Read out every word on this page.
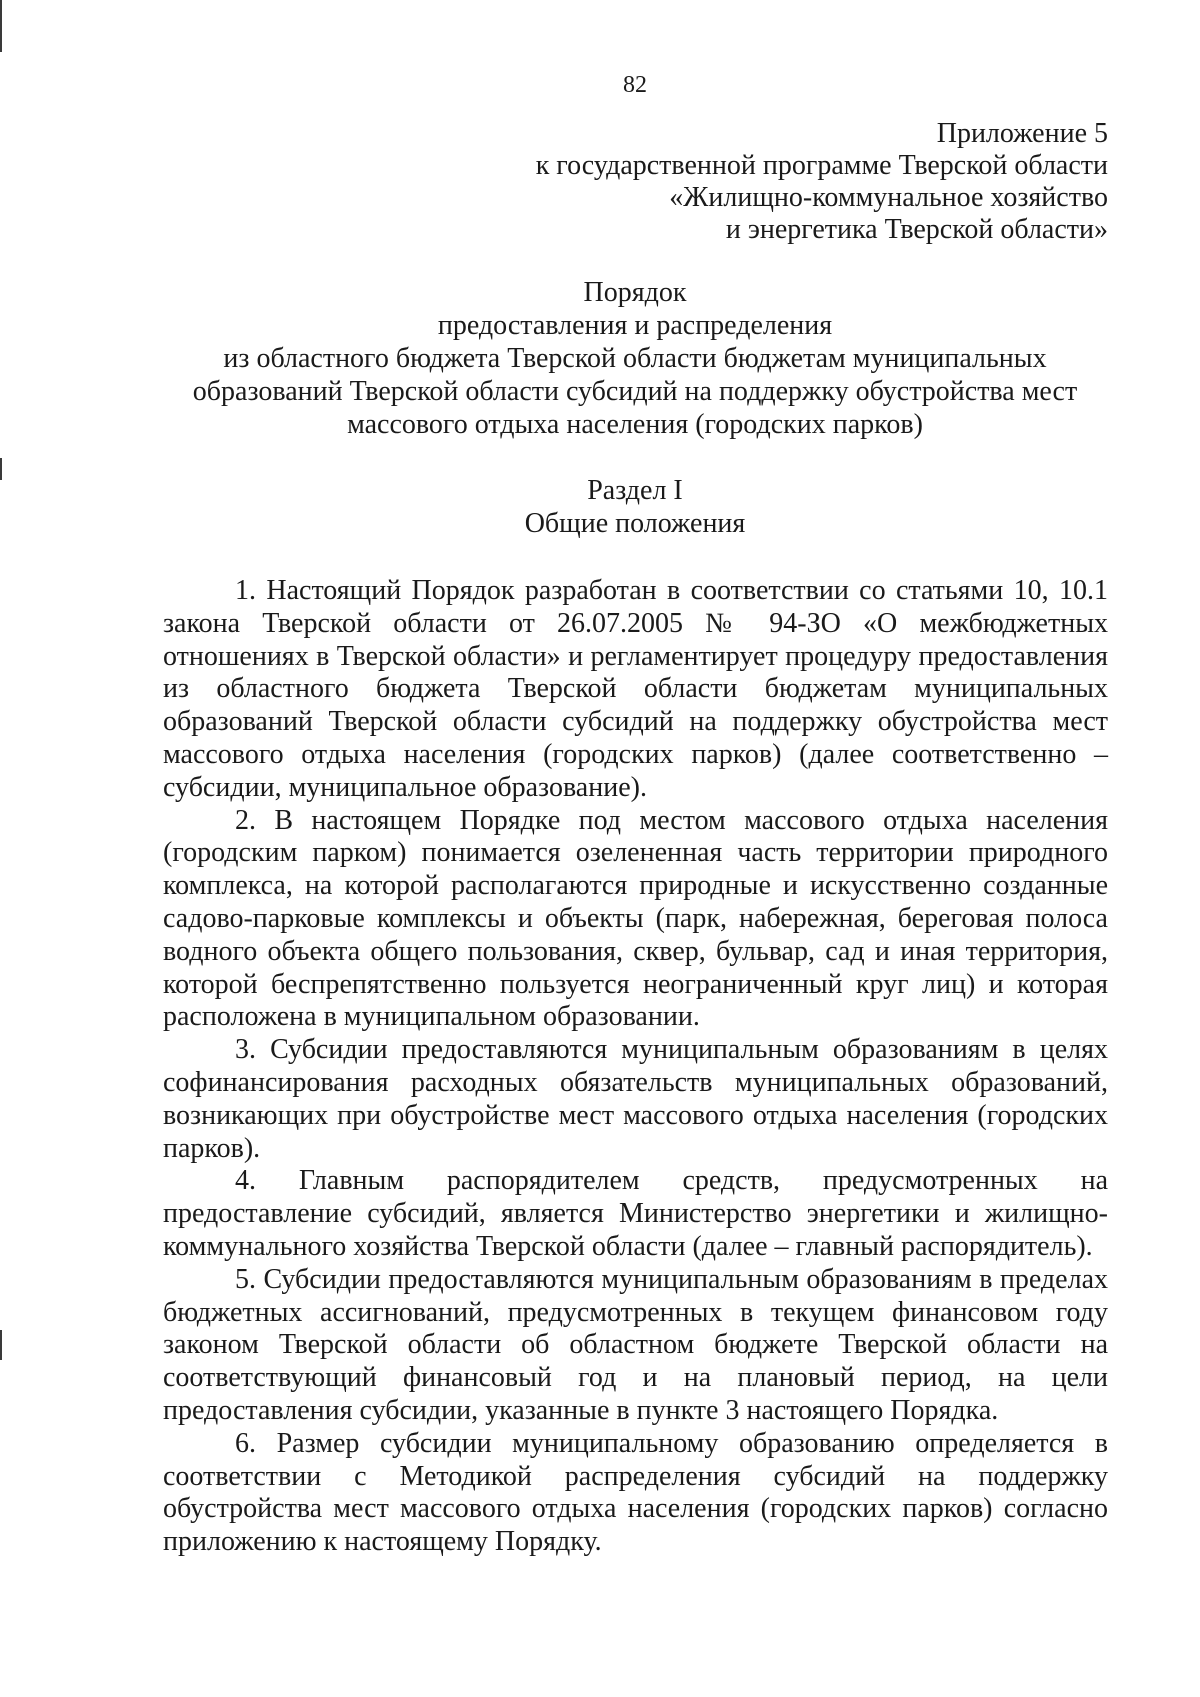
82
Приложение 5
к государственной программе Тверской области
«Жилищно-коммунальное хозяйство
и энергетика Тверской области»
Порядок
предоставления и распределения
из областного бюджета Тверской области бюджетам муниципальных
образований Тверской области субсидий на поддержку обустройства мест
массового отдыха населения (городских парков)
Раздел I
Общие положения

1. Настоящий Порядок разработан в соответствии со статьями 10, 10.1 закона Тверской области от 26.07.2005 № 94-ЗО «О межбюджетных отношениях в Тверской области» и регламентирует процедуру предоставления из областного бюджета Тверской области бюджетам муниципальных образований Тверской области субсидий на поддержку обустройства мест массового отдыха населения (городских парков) (далее соответственно – субсидии, муниципальное образование).

2. В настоящем Порядке под местом массового отдыха населения (городским парком) понимается озелененная часть территории природного комплекса, на которой располагаются природные и искусственно созданные садово-парковые комплексы и объекты (парк, набережная, береговая полоса водного объекта общего пользования, сквер, бульвар, сад и иная территория, которой беспрепятственно пользуется неограниченный круг лиц) и которая расположена в муниципальном образовании.

3. Субсидии предоставляются муниципальным образованиям в целях софинансирования расходных обязательств муниципальных образований, возникающих при обустройстве мест массового отдыха населения (городских парков).

4. Главным распорядителем средств, предусмотренных на предоставление субсидий, является Министерство энергетики и жилищно-коммунального хозяйства Тверской области (далее – главный распорядитель).

5. Субсидии предоставляются муниципальным образованиям в пределах бюджетных ассигнований, предусмотренных в текущем финансовом году законом Тверской области об областном бюджете Тверской области на соответствующий финансовый год и на плановый период, на цели предоставления субсидии, указанные в пункте 3 настоящего Порядка.

6. Размер субсидии муниципальному образованию определяется в соответствии с Методикой распределения субсидий на поддержку обустройства мест массового отдыха населения (городских парков) согласно приложению к настоящему Порядку.
